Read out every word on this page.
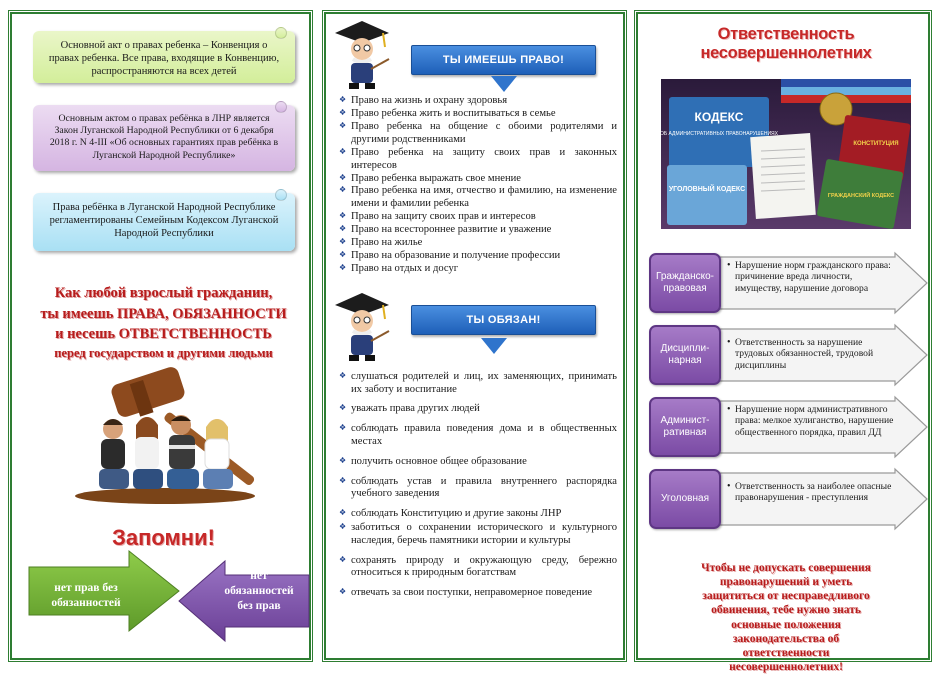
Основной акт о правах ребенка – Конвенция о правах ребенка. Все права, входящие в Конвенцию, распространяются на всех детей
Основным актом о правах ребёнка в ЛНР является Закон Луганской Народной Республики от 6 декабря 2018 г. N 4-III «Об основных гарантиях прав ребёнка в Луганской Народной Республике»
Права ребёнка в Луганской Народной Республике регламентированы Семейным Кодексом Луганской Народной Республики
Как любой взрослый гражданин,
ты имеешь ПРАВА, ОБЯЗАННОСТИ
и несешь ОТВЕТСТВЕННОСТЬ
перед государством и другими людьми
Запомни!
нет прав без
обязанностей
нет
обязанностей
без прав
ТЫ ИМЕЕШЬ ПРАВО!
❖ Право на жизнь и охрану здоровья
❖ Право ребенка жить и воспитываться в семье
❖ Право ребенка на общение с обоими родителями и другими родственниками
❖ Право ребенка на защиту своих прав и законных интересов
❖ Право ребенка выражать свое мнение
❖ Право ребенка на имя, отчество и фамилию, на изменение имени и фамилии ребенка
❖ Право на защиту своих прав и интересов
❖ Право на всестороннее развитие и уважение
❖ Право на жилье
❖ Право на образование и получение профессии
❖ Право на отдых и досуг
ТЫ ОБЯЗАН!
❖ слушаться родителей и лиц, их заменяющих, принимать их заботу и воспитание
❖ уважать права других людей
❖ соблюдать правила поведения дома и в общественных местах
❖ получить основное общее образование
❖ соблюдать устав и правила внутреннего распорядка учебного заведения
❖ соблюдать Конституцию и другие законы ЛНР
❖ заботиться о сохранении исторического и культурного наследия, беречь памятники истории и культуры
❖ сохранять природу и окружающую среду, бережно относиться к природным богатствам
❖ отвечать за свои поступки, неправомерное поведение
Ответственность несовершеннолетних
КОДЕКС
ОБ АДМИНИСТРАТИВНЫХ ПРАВОНАРУШЕНИЯХ
УГОЛОВНЫЙ КОДЕКС
КОНСТИТУЦИЯ
ГРАЖДАНСКИЙ КОДЕКС
Гражданско-правовая
• Нарушение норм гражданского права: причинение вреда личности, имуществу, нарушение договора
Дисципли-нарная
• Ответственность за нарушение трудовых обязанностей, трудовой дисциплины
Админист-ративная
• Нарушение норм административного права: мелкое хулиганство, нарушение общественного порядка, правил ДД
Уголовная
• Ответственность за наиболее опасные правонарушения - преступления
Чтобы не допускать совершения
правонарушений и уметь
защититься от несправедливого
обвинения, тебе нужно знать
основные положения
законодательства об
ответственности
несовершеннолетних!
